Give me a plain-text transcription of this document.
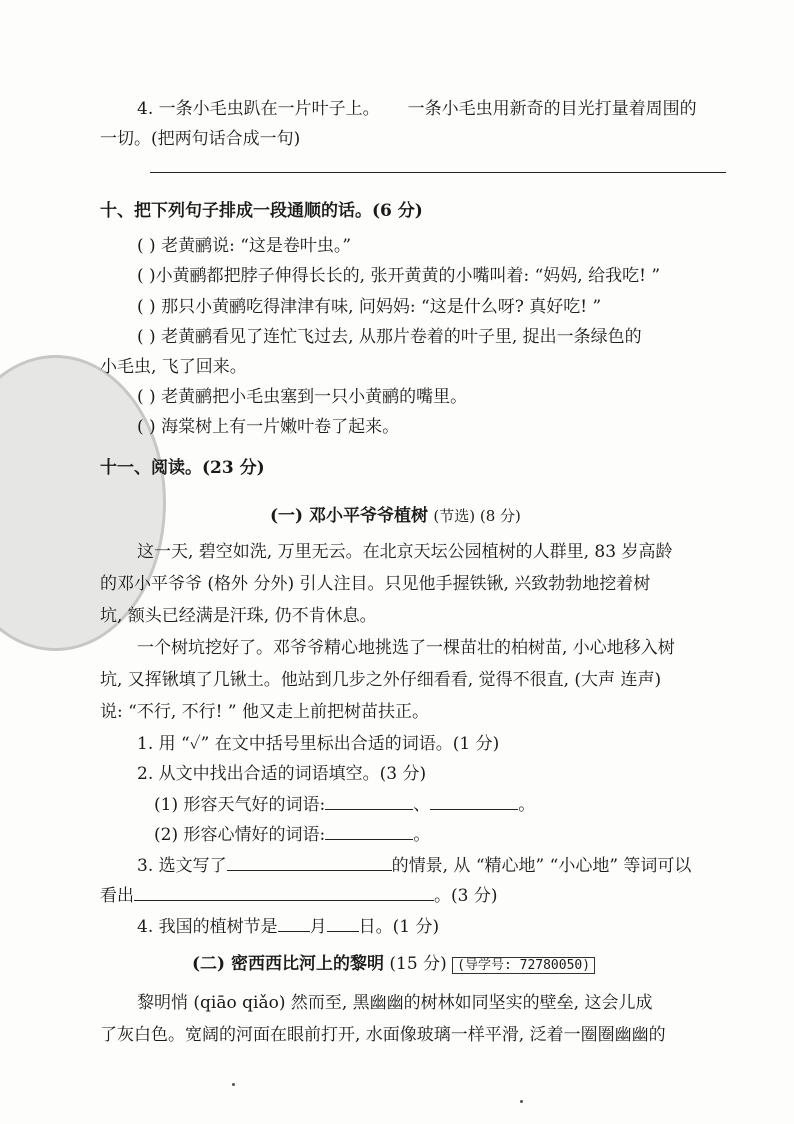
4. 一条小毛虫趴在一片叶子上。 一条小毛虫用新奇的目光打量着周围的
一切。(把两句话合成一句)
十、把下列句子排成一段通顺的话。(6 分)
( ) 老黄鹂说: “这是卷叶虫。”
( )小黄鹂都把脖子伸得长长的, 张开黄黄的小嘴叫着: “妈妈, 给我吃! ”
( ) 那只小黄鹂吃得津津有味, 问妈妈: “这是什么呀? 真好吃! ”
( ) 老黄鹂看见了连忙飞过去, 从那片卷着的叶子里, 捉出一条绿色的
小毛虫, 飞了回来。
( ) 老黄鹂把小毛虫塞到一只小黄鹂的嘴里。
( ) 海棠树上有一片嫩叶卷了起来。
十一、阅读。(23 分)
(一) 邓小平爷爷植树 (节选) (8 分)
这一天, 碧空如洗, 万里无云。在北京天坛公园植树的人群里, 83 岁高龄
的邓小平爷爷 (格外 分外) 引人注目。只见他手握铁锹, 兴致勃勃地挖着树
坑, 额头已经满是汗珠, 仍不肯休息。
一个树坑挖好了。邓爷爷精心地挑选了一棵苗壮的柏树苗, 小心地移入树
坑, 又挥锹填了几锹土。他站到几步之外仔细看看, 觉得不很直, (大声 连声)
说: “不行, 不行! ” 他又走上前把树苗扶正。
1. 用 “✓” 在文中括号里标出合适的词语。(1 分)
2. 从文中找出合适的词语填空。(3 分)
(1) 形容天气好的词语:	、	。
(2) 形容心情好的词语:	。
3. 选文写了	的情景, 从 “精心地” “小心地” 等词可以
看出	。(3 分)
4. 我国的植树节是 月 日。(1 分)
(二) 密西西比河上的黎明 (15 分) (导学号: 72780050)
黎明悄 (qiāo qiǎo) 然而至, 黑幽幽的树林如同坚实的壁垒, 这会儿成
了灰白色。宽阔的河面在眼前打开, 水面像玻璃一样平滑, 泛着一圈圈幽幽的
